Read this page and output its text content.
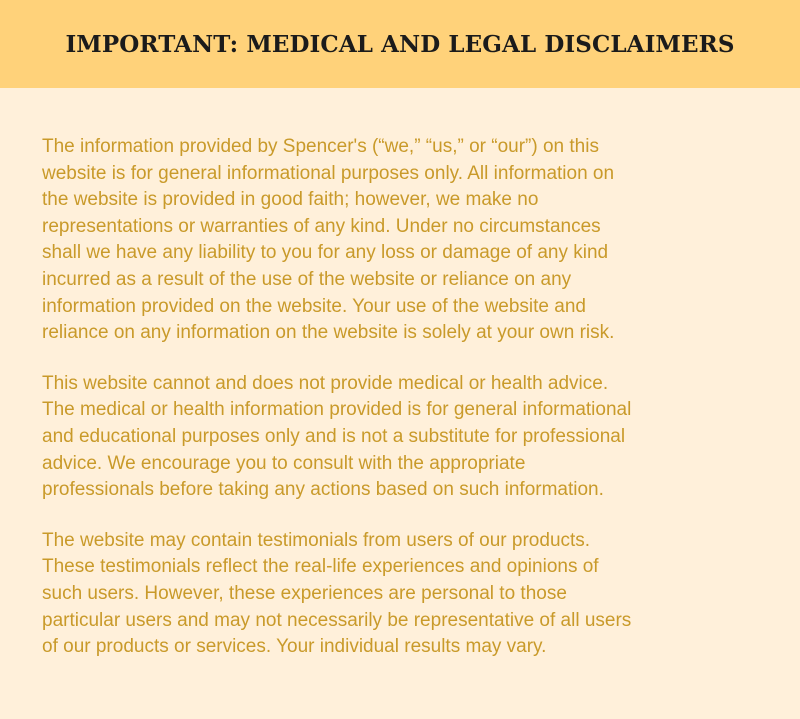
IMPORTANT: MEDICAL AND LEGAL DISCLAIMERS

The information provided by Spencer's (“we,” “us,” or “our”) on this
website is for general informational purposes only. All information on
the website is provided in good faith; however, we make no
representations or warranties of any kind. Under no circumstances
shall we have any liability to you for any loss or damage of any kind
incurred as a result of the use of the website or reliance on any
information provided on the website. Your use of the website and
reliance on any information on the website is solely at your own risk.

This website cannot and does not provide medical or health advice.
The medical or health information provided is for general informational
and educational purposes only and is not a substitute for professional
advice. We encourage you to consult with the appropriate
professionals before taking any actions based on such information.

The website may contain testimonials from users of our products.
These testimonials reflect the real-life experiences and opinions of
such users. However, these experiences are personal to those
particular users and may not necessarily be representative of all users
of our products or services. Your individual results may vary.
